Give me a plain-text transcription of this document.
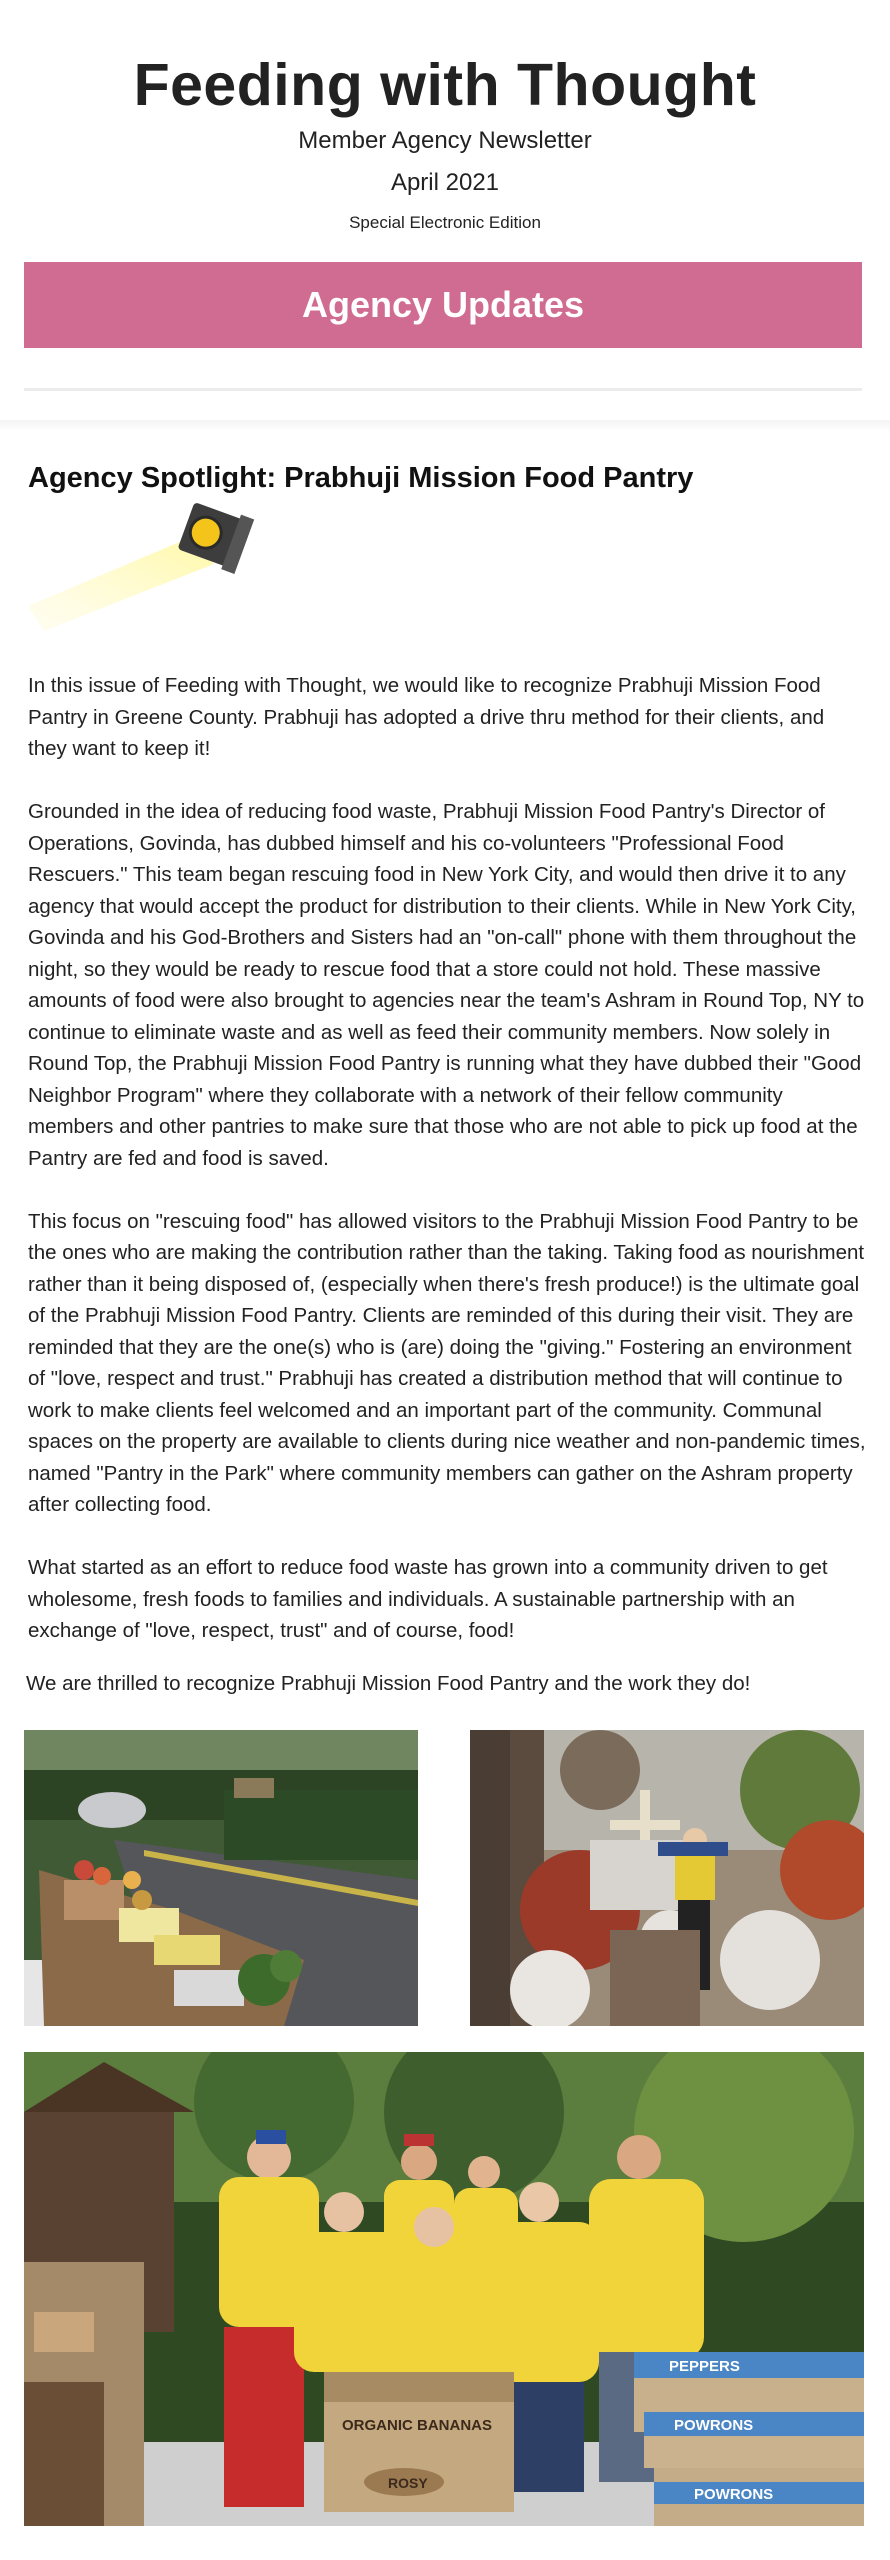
Feeding with Thought
Member Agency Newsletter
April 2021
Special Electronic Edition
Agency Updates
Agency Spotlight: Prabhuji Mission Food Pantry

In this issue of Feeding with Thought, we would like to recognize Prabhuji Mission Food Pantry in Greene County. Prabhuji has adopted a drive thru method for their clients, and they want to keep it!

Grounded in the idea of reducing food waste, Prabhuji Mission Food Pantry's Director of Operations, Govinda, has dubbed himself and his co-volunteers "Professional Food Rescuers." This team began rescuing food in New York City, and would then drive it to any agency that would accept the product for distribution to their clients. While in New York City, Govinda and his God-Brothers and Sisters had an "on-call" phone with them throughout the night, so they would be ready to rescue food that a store could not hold. These massive amounts of food were also brought to agencies near the team's Ashram in Round Top, NY to continue to eliminate waste and as well as feed their community members. Now solely in Round Top, the Prabhuji Mission Food Pantry is running what they have dubbed their "Good Neighbor Program" where they collaborate with a network of their fellow community members and other pantries to make sure that those who are not able to pick up food at the Pantry are fed and food is saved.

This focus on "rescuing food" has allowed visitors to the Prabhuji Mission Food Pantry to be the ones who are making the contribution rather than the taking. Taking food as nourishment rather than it being disposed of, (especially when there's fresh produce!) is the ultimate goal of the Prabhuji Mission Food Pantry. Clients are reminded of this during their visit. They are reminded that they are the one(s) who is (are) doing the "giving." Fostering an environment of "love, respect and trust." Prabhuji has created a distribution method that will continue to work to make clients feel welcomed and an important part of the community. Communal spaces on the property are available to clients during nice weather and non-pandemic times, named "Pantry in the Park" where community members can gather on the Ashram property after collecting food.

What started as an effort to reduce food waste has grown into a community driven to get wholesome, fresh foods to families and individuals. A sustainable partnership with an exchange of "love, respect, trust" and of course, food!

We are thrilled to recognize Prabhuji Mission Food Pantry and the work they do!
ORGANIC BANANAS
ROSY
PEPPERS
POWRONS
POWRONS
